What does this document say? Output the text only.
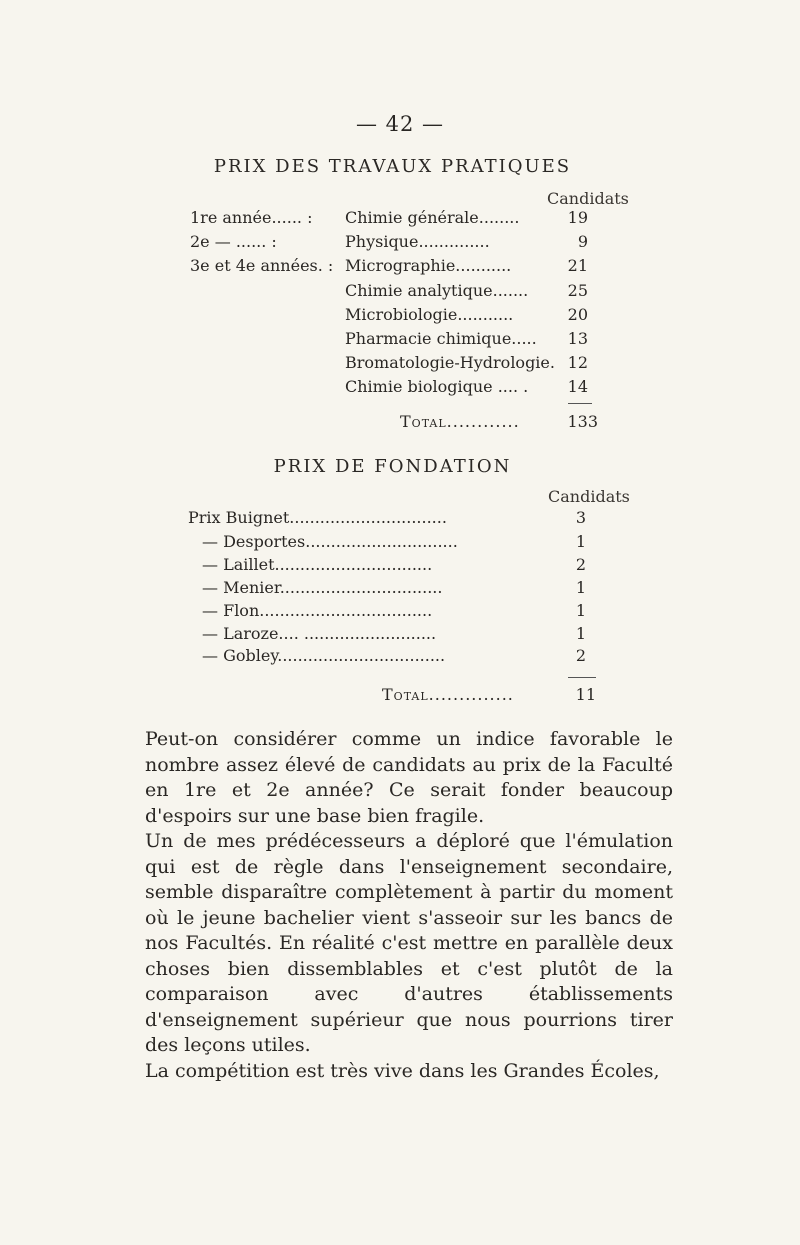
— 42 —
PRIX DES TRAVAUX PRATIQUES
Candidats
1re année...... : Chimie générale........	19
2e — ...... :	Physique..............	9
3e et 4e années. : Micrographie...........	21
Chimie analytique.......	25
Microbiologie...........	20
Pharmacie chimique.....	13
Bromatologie-Hydrologie. 12
Chimie biologique .... .	14
Total............	133
PRIX DE FONDATION
Candidats
Prix Buignet...............................	3
— Desportes..............................	1
— Laillet...............................	2
— Menier................................	1
— Flon..................................	1
— Laroze.... ..........................	1
— Gobley.................................	2
Total..............	11

Peut-on considérer comme un indice favorable le nombre assez élevé de candidats au prix de la Faculté en 1re et 2e année? Ce serait fonder beaucoup d'espoirs sur une base bien fragile.

Un de mes prédécesseurs a déploré que l'émulation qui est de règle dans l'enseignement secondaire, semble disparaître complètement à partir du moment où le jeune bachelier vient s'asseoir sur les bancs de nos Facultés. En réalité c'est mettre en parallèle deux choses bien dissemblables et c'est plutôt de la comparaison avec d'autres établissements d'enseignement supérieur que nous pourrions tirer des leçons utiles.

La compétition est très vive dans les Grandes Écoles,
